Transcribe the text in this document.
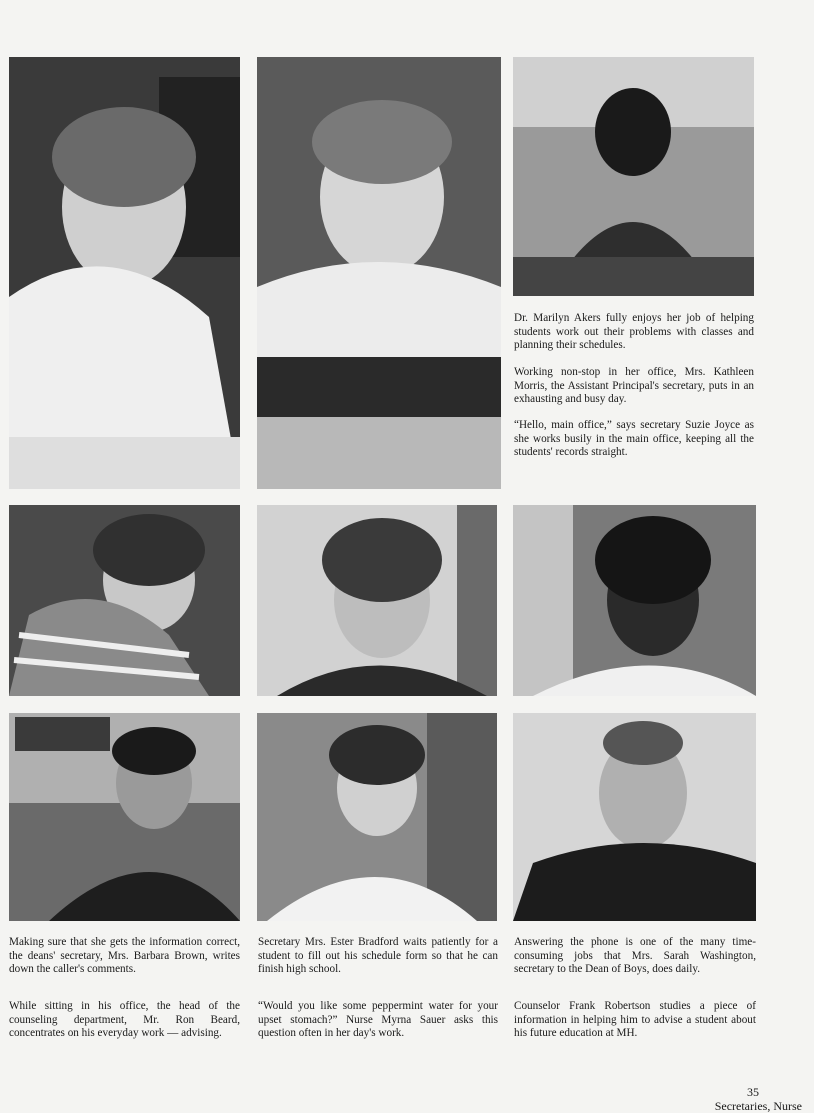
Dr. Marilyn Akers fully enjoys her job of helping students work out their problems with classes and planning their schedules.

Working non-stop in her office, Mrs. Kathleen Morris, the Assistant Principal's secretary, puts in an exhausting and busy day.

“Hello, main office,” says secretary Suzie Joyce as she works busily in the main office, keeping all the students' records straight.

Making sure that she gets the information correct, the deans' secretary, Mrs. Barbara Brown, writes down the caller's comments.

Secretary Mrs. Ester Bradford waits patiently for a student to fill out his schedule form so that he can finish high school.

Answering the phone is one of the many time-consuming jobs that Mrs. Sarah Washington, secretary to the Dean of Boys, does daily.

While sitting in his office, the head of the counseling department, Mr. Ron Beard, concentrates on his everyday work — advising.

“Would you like some peppermint water for your upset stomach?” Nurse Myrna Sauer asks this question often in her day's work.

Counselor Frank Robertson studies a piece of information in helping him to advise a student about his future education at MH.

35
Secretaries, Nurse
